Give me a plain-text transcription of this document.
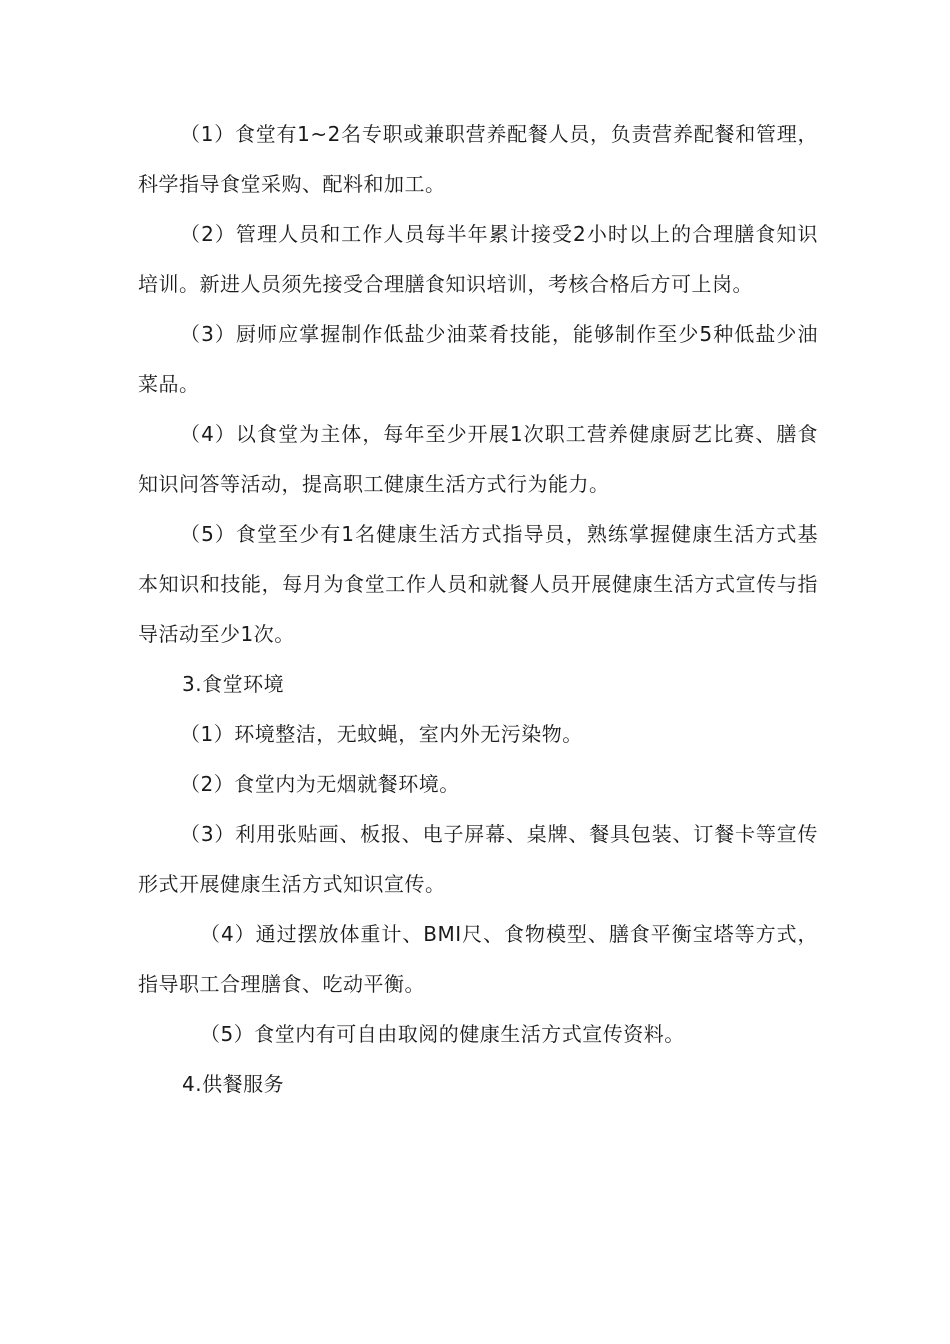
（1）食堂有1~2名专职或兼职营养配餐人员，负责营养配餐和管理，科学指导食堂采购、配料和加工。

（2）管理人员和工作人员每半年累计接受2小时以上的合理膳食知识培训。新进人员须先接受合理膳食知识培训，考核合格后方可上岗。

（3）厨师应掌握制作低盐少油菜肴技能，能够制作至少5种低盐少油菜品。

（4）以食堂为主体，每年至少开展1次职工营养健康厨艺比赛、膳食知识问答等活动，提高职工健康生活方式行为能力。

（5）食堂至少有1名健康生活方式指导员，熟练掌握健康生活方式基本知识和技能，每月为食堂工作人员和就餐人员开展健康生活方式宣传与指导活动至少1次。

3.食堂环境

（1）环境整洁，无蚊蝇，室内外无污染物。

（2）食堂内为无烟就餐环境。

（3）利用张贴画、板报、电子屏幕、桌牌、餐具包装、订餐卡等宣传形式开展健康生活方式知识宣传。

（4）通过摆放体重计、BMI尺、食物模型、膳食平衡宝塔等方式，指导职工合理膳食、吃动平衡。

（5）食堂内有可自由取阅的健康生活方式宣传资料。

4.供餐服务
